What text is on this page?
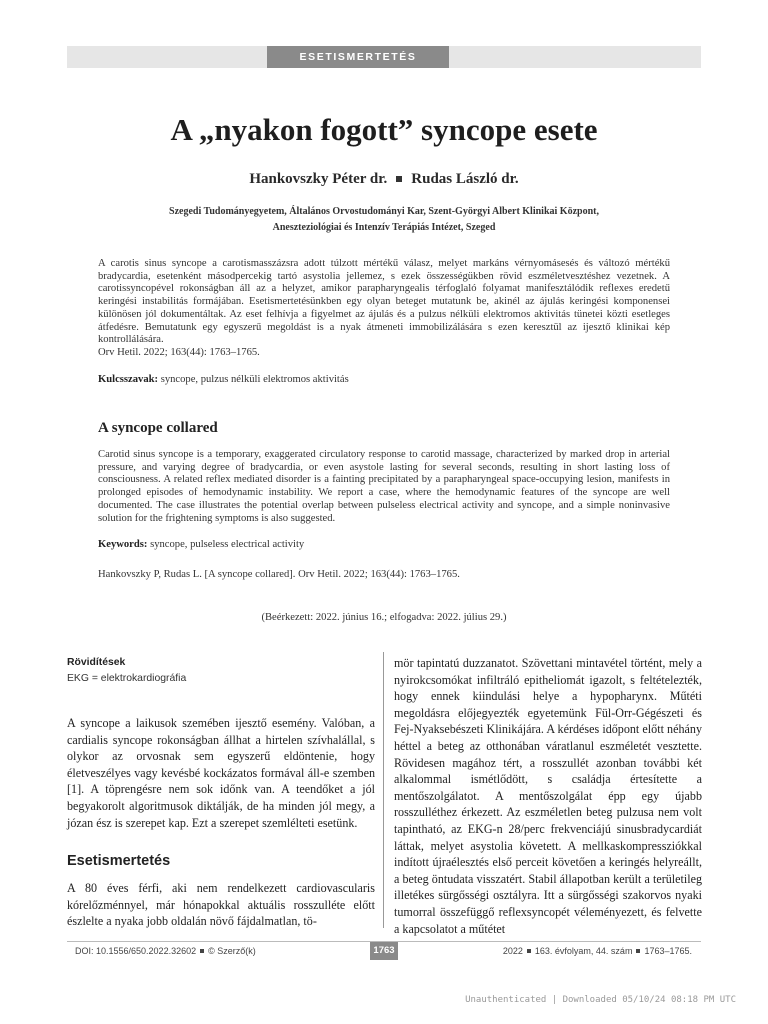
ESETISMERTETÉS
A „nyakon fogott” syncope esete
Hankovszky Péter dr. Rudas László dr.
Szegedi Tudományegyetem, Általános Orvostudományi Kar, Szent-Györgyi Albert Klinikai Központ,
Aneszteziológiai és Intenzív Terápiás Intézet, Szeged
A carotis sinus syncope a carotismasszázsra adott túlzott mértékű válasz, melyet markáns vérnyomásesés és változó mértékű bradycardia, esetenként másodpercekig tartó asystolia jellemez, s ezek összességükben rövid eszméletvesztéshez vezetnek. A carotissyncopével rokonságban áll az a helyzet, amikor parapharyngealis térfoglaló folyamat manifesztálódik reflexes eredetű keringési instabilitás formájában. Esetismertetésünkben egy olyan beteget mutatunk be, akinél az ájulás keringési komponensei különösen jól dokumentáltak. Az eset felhívja a figyelmet az ájulás és a pulzus nélküli elektromos aktivitás tünetei közti esetleges átfedésre. Bemutatunk egy egyszerű megoldást is a nyak átmeneti immobilizálására s ezen keresztül az ijesztő klinikai kép kontrollálására.
Orv Hetil. 2022; 163(44): 1763–1765.
Kulcsszavak: syncope, pulzus nélküli elektromos aktivitás
A syncope collared
Carotid sinus syncope is a temporary, exaggerated circulatory response to carotid massage, characterized by marked drop in arterial pressure, and varying degree of bradycardia, or even asystole lasting for several seconds, resulting in short lasting loss of consciousness. A related reflex mediated disorder is a fainting precipitated by a parapharyngeal space-occupying lesion, manifests in prolonged episodes of hemodynamic instability. We report a case, where the hemodynamic features of the syncope are well documented. The case illustrates the potential overlap between pulseless electrical activity and syncope, and a simple noninvasive solution for the frightening symptoms is also suggested.
Keywords: syncope, pulseless electrical activity
Hankovszky P, Rudas L. [A syncope collared]. Orv Hetil. 2022; 163(44): 1763–1765.
(Beérkezett: 2022. június 16.; elfogadva: 2022. július 29.)
Rövidítések
EKG = elektrokardiográfia
A syncope a laikusok szemében ijesztő esemény. Valóban, a cardialis syncope rokonságban állhat a hirtelen szívhalállal, s olykor az orvosnak sem egyszerű eldöntenie, hogy életveszélyes vagy kevésbé kockázatos formával áll-e szemben [1]. A töprengésre nem sok időnk van. A teendőket a jól begyakorolt algoritmusok diktálják, de ha minden jól megy, a józan ész is szerepet kap. Ezt a szerepet szemlélteti esetünk.
Esetismertetés
A 80 éves férfi, aki nem rendelkezett cardiovascularis kórelőzménnyel, már hónapokkal aktuális rosszulléte előtt észlelte a nyaka jobb oldalán növő fájdalmatlan, tö-
mör tapintatú duzzanatot. Szövettani mintavétel történt, mely a nyirokcsomókat infiltráló epitheliomát igazolt, s feltételezték, hogy ennek kiindulási helye a hypopharynx. Műtéti megoldásra előjegyezték egyetemünk Fül-Orr-Gégészeti és Fej-Nyaksebészeti Klinikájára. A kérdéses időpont előtt néhány héttel a beteg az otthonában váratlanul eszméletét vesztette. Rövidesen magához tért, a rosszullét azonban további két alkalommal ismétlődött, s családja értesítette a mentőszolgálatot. A mentőszolgálat épp egy újabb rosszulléthez érkezett. Az eszméletlen beteg pulzusa nem volt tapintható, az EKG-n 28/perc frekvenciájú sinusbradycardiát láttak, melyet asystolia követett. A mellkaskompressziókkal indított újraélesztés első perceit követően a keringés helyreállt, a beteg öntudata visszatért. Stabil állapotban került a területileg illetékes sürgősségi osztályra. Itt a sürgősségi szakorvos nyaki tumorral összefüggő reflexsyncopét véleményezett, és felvette a kapcsolatot a műtétet
DOI: 10.1556/650.2022.32602 © Szerző(k)	1763	2022 163. évfolyam, 44. szám 1763–1765.
Unauthenticated | Downloaded 05/10/24 08:18 PM UTC
